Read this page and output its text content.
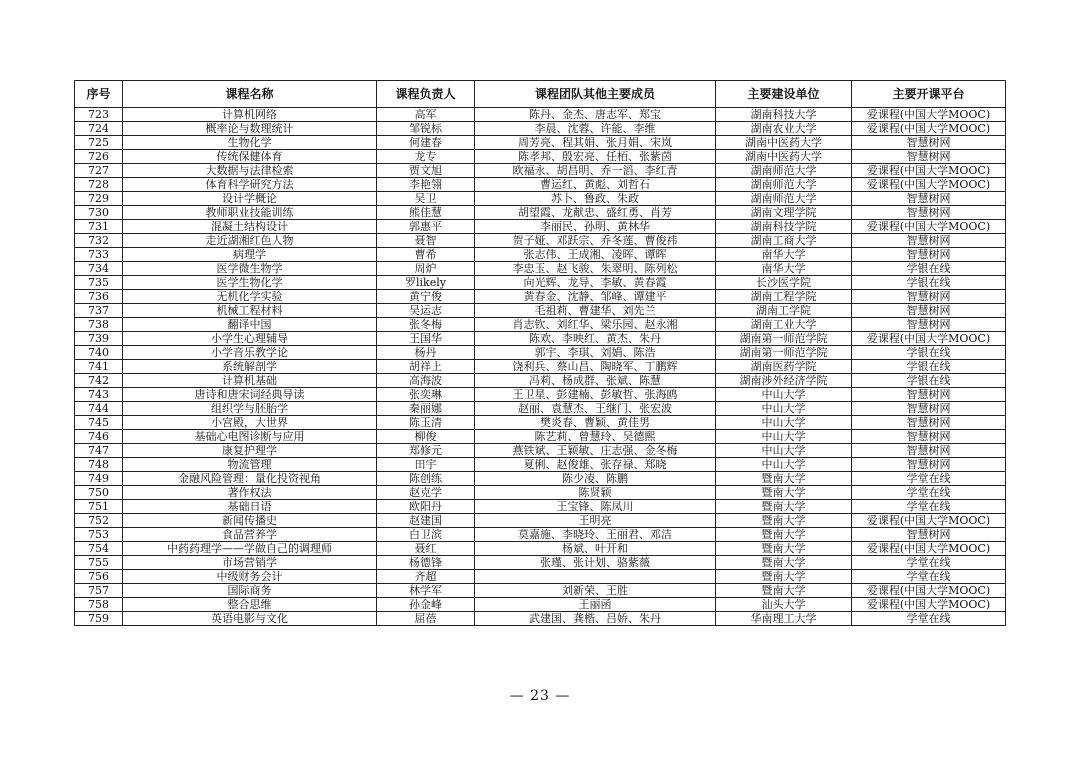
序号	课程名称	课程负责人	课程团队其他主要成员	主要建设单位	主要开课平台
723	计算机网络	高军	陈丹、金杰、唐志军、郑宝	湖南科技大学	爱课程(中国大学MOOC)
724	概率论与数理统计	邹锐标	李晨、沈蓉、许能、李维	湖南农业大学	爱课程(中国大学MOOC)
725	生物化学	何建春	周芳亮、程其娟、张月娟、宋岚	湖南中医药大学	智慧树网
726	传统保健体育	龙专	陈孝邦、殷宏亮、任栢、张紫茵	湖南中医药大学	智慧树网
727	大数据与法律检索	贾文旭	欧福永、胡昌明、乔一滔、李红青	湖南师范大学	爱课程(中国大学MOOC)
728	体育科学研究方法	李艳翎	曹运红、黄彪、刘哲石	湖南师范大学	爱课程(中国大学MOOC)
729	设计学概论	吴卫	苏卜、鲁政、朱政	湖南师范大学	智慧树网
730	教师职业技能训练	熊佳慧	胡望霞、龙献忠、盛红勇、肖芳	湖南文理学院	智慧树网
731	混凝土结构设计	郭惠平	李丽民、孙明、黄林华	湖南科技学院	爱课程(中国大学MOOC)
732	走近湖湘红色人物	聂智	贺子娅、邓跃宗、乔冬莲、曹俊祎	湖南工商大学	智慧树网
733	病理学	曹希	张志伟、王成湘、凌晖、谭晖	南华大学	智慧树网
734	医学微生物学	周炉	李忠玉、赵飞骏、朱翠明、陈列松	南华大学	学银在线
735	医学生物化学	罗likely	向光辉、龙导、李敏、黄春霞	长沙医学院	学银在线
736	无机化学实验	黄宁俊	黄春金、沈静、邹峰、谭建平	湖南工程学院	智慧树网
737	机械工程材料	吴运志	毛祖莉、曹建华、刘先兰	湖南工学院	智慧树网
738	翻译中国	张冬梅	肖志钦、刘红华、梁乐园、赵永湘	湖南工业大学	智慧树网
739	小学生心理辅导	王国华	陈欢、李映红、黄杰、朱丹	湖南第一师范学院	爱课程(中国大学MOOC)
740	小学音乐教学论	杨丹	郭宇、李琪、刘娟、陈浩	湖南第一师范学院	学银在线
741	系统解剖学	胡祥上	饶利兵、蔡山昌、陶晓军、丁鹏辉	湖南医药学院	学银在线
742	计算机基础	高海波	冯莉、杨成群、张斌、陈慧	湖南涉外经济学院	学银在线
743	唐诗和唐宋词经典导读	张奕琳	王卫星、彭建楠、彭敏哲、张海鸥	中山大学	智慧树网
744	组织学与胚胎学	秦丽娜	赵丽、袁慧杰、王继门、张宏波	中山大学	智慧树网
745	小宫殿，大世界	陈玉清	樊炎春、曹颖、黄佳男	中山大学	智慧树网
746	基础心电图诊断与应用	柳俊	陈艺莉、曾慧玲、吴德熙	中山大学	智慧树网
747	康复护理学	郑修元	燕铁斌、王颖敏、庄志强、金冬梅	中山大学	智慧树网
748	物流管理	田宇	夏俐、赵俊雄、张存禄、郑晓	中山大学	智慧树网
749	金融风险管理：量化投资视角	陈创练	陈少凌、陈鹏	暨南大学	学堂在线
750	著作权法	赵克学	陈贤颖	暨南大学	学堂在线
751	基础日语	欧阳丹	王宝锋、陈凤川	暨南大学	学堂在线
752	新闻传播史	赵建国	王明亮	暨南大学	爱课程(中国大学MOOC)
753	食品营养学	白卫滨	莫嘉施、李晓玲、王丽君、邓洁	暨南大学	智慧树网
754	中药药理学——学做自己的调理师	聂红	杨斌、叶开和	暨南大学	爱课程(中国大学MOOC)
755	市场营销学	杨德锋	张瑾、张计划、骆紫薇	暨南大学	学堂在线
756	中级财务会计	齐超		暨南大学	学堂在线
757	国际商务	林学军	刘新荣、王胜	暨南大学	爱课程(中国大学MOOC)
758	整合思维	孙金峰	王丽函	汕头大学	爱课程(中国大学MOOC)
759	英语电影与文化	屈蓓	武建国、龚楷、吕娇、朱丹	华南理工大学	学堂在线
— 23 —
